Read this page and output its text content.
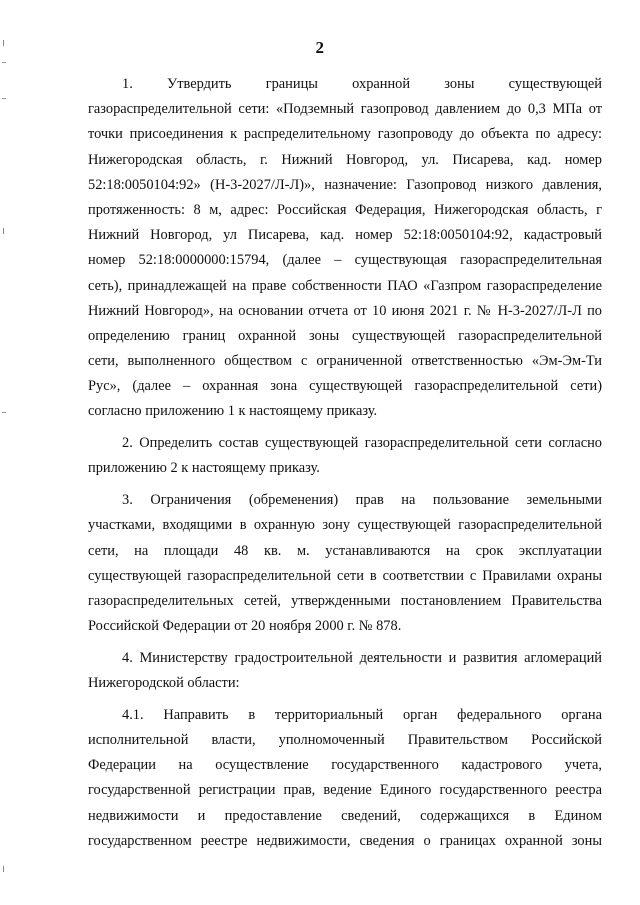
2
1. Утвердить границы охранной зоны существующей
газораспределительной сети: «Подземный газопровод давлением до 0,3 МПа от
точки присоединения к распределительному газопроводу до объекта по адресу:
Нижегородская область, г. Нижний Новгород, ул. Писарева, кад. номер
52:18:0050104:92» (Н-3-2027/Л-Л)», назначение: Газопровод низкого давления,
протяженность: 8 м, адрес: Российская Федерация, Нижегородская область, г
Нижний Новгород, ул Писарева, кад. номер 52:18:0050104:92, кадастровый
номер 52:18:0000000:15794, (далее – существующая газораспределительная
сеть), принадлежащей на праве собственности ПАО «Газпром газораспределение
Нижний Новгород», на основании отчета от 10 июня 2021 г. № Н-3-2027/Л-Л по
определению границ охранной зоны существующей газораспределительной
сети, выполненного обществом с ограниченной ответственностью «Эм-Эм-Ти
Рус», (далее – охранная зона существующей газораспределительной сети)
согласно приложению 1 к настоящему приказу.
2. Определить состав существующей газораспределительной сети согласно
приложению 2 к настоящему приказу.
3. Ограничения (обременения) прав на пользование земельными
участками, входящими в охранную зону существующей газораспределительной
сети, на площади 48 кв. м. устанавливаются на срок эксплуатации
существующей газораспределительной сети в соответствии с Правилами охраны
газораспределительных сетей, утвержденными постановлением Правительства
Российской Федерации от 20 ноября 2000 г. № 878.
4. Министерству градостроительной деятельности и развития агломераций
Нижегородской области:
4.1. Направить в территориальный орган федерального органа
исполнительной власти, уполномоченный Правительством Российской
Федерации на осуществление государственного кадастрового учета,
государственной регистрации прав, ведение Единого государственного реестра
недвижимости и предоставление сведений, содержащихся в Едином
государственном реестре недвижимости, сведения о границах охранной зоны
